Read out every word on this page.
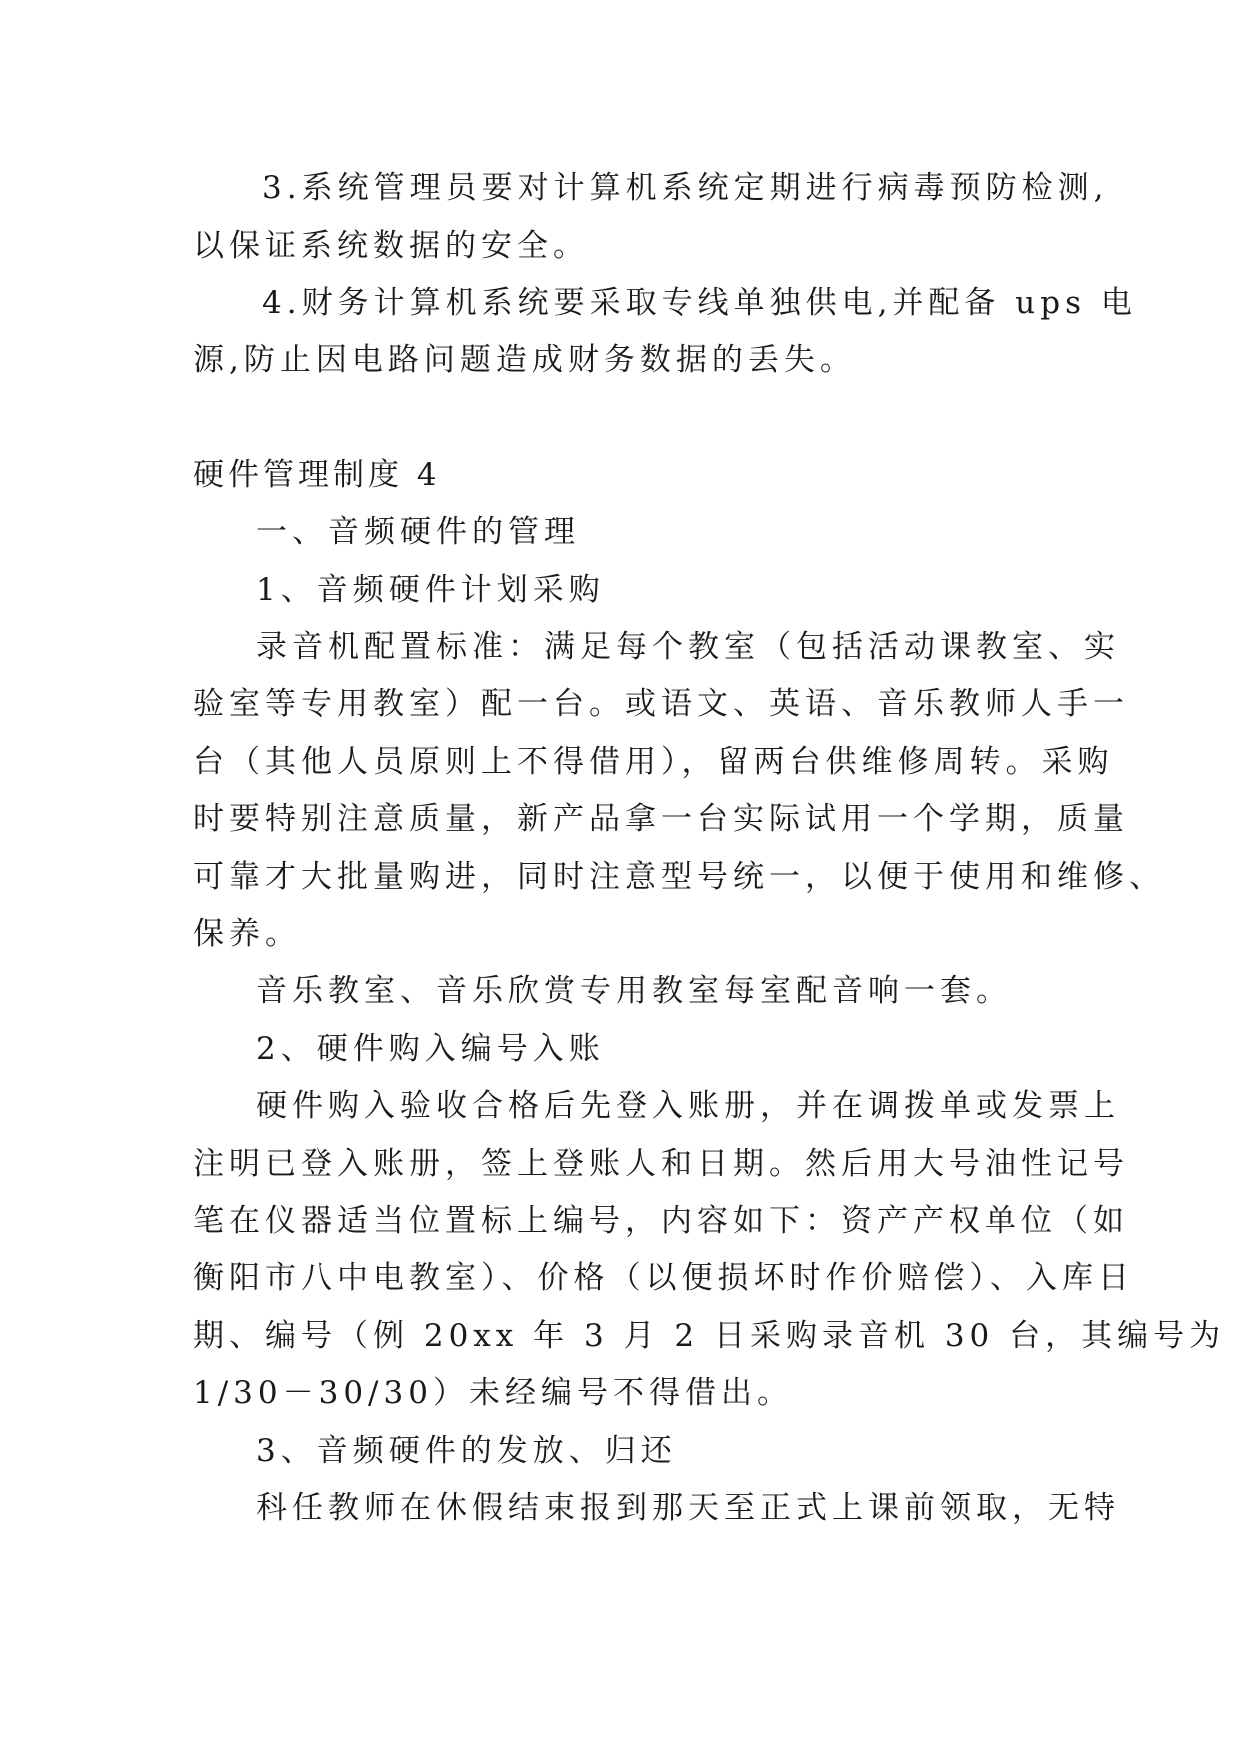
3.系统管理员要对计算机系统定期进行病毒预防检测,

以保证系统数据的安全。

4.财务计算机系统要采取专线单独供电,并配备 ups 电

源,防止因电路问题造成财务数据的丢失。

硬件管理制度 4

一、音频硬件的管理

1、音频硬件计划采购

录音机配置标准：满足每个教室（包括活动课教室、实

验室等专用教室）配一台。或语文、英语、音乐教师人手一

台（其他人员原则上不得借用），留两台供维修周转。采购

时要特别注意质量，新产品拿一台实际试用一个学期，质量

可靠才大批量购进，同时注意型号统一，以便于使用和维修、

保养。

音乐教室、音乐欣赏专用教室每室配音响一套。

2、硬件购入编号入账

硬件购入验收合格后先登入账册，并在调拨单或发票上

注明已登入账册，签上登账人和日期。然后用大号油性记号

笔在仪器适当位置标上编号，内容如下：资产产权单位（如

衡阳市八中电教室）、价格（以便损坏时作价赔偿）、入库日

期、编号（例 20xx 年 3 月 2 日采购录音机 30 台，其编号为

1/30－30/30）未经编号不得借出。

3、音频硬件的发放、归还

科任教师在休假结束报到那天至正式上课前领取，无特
